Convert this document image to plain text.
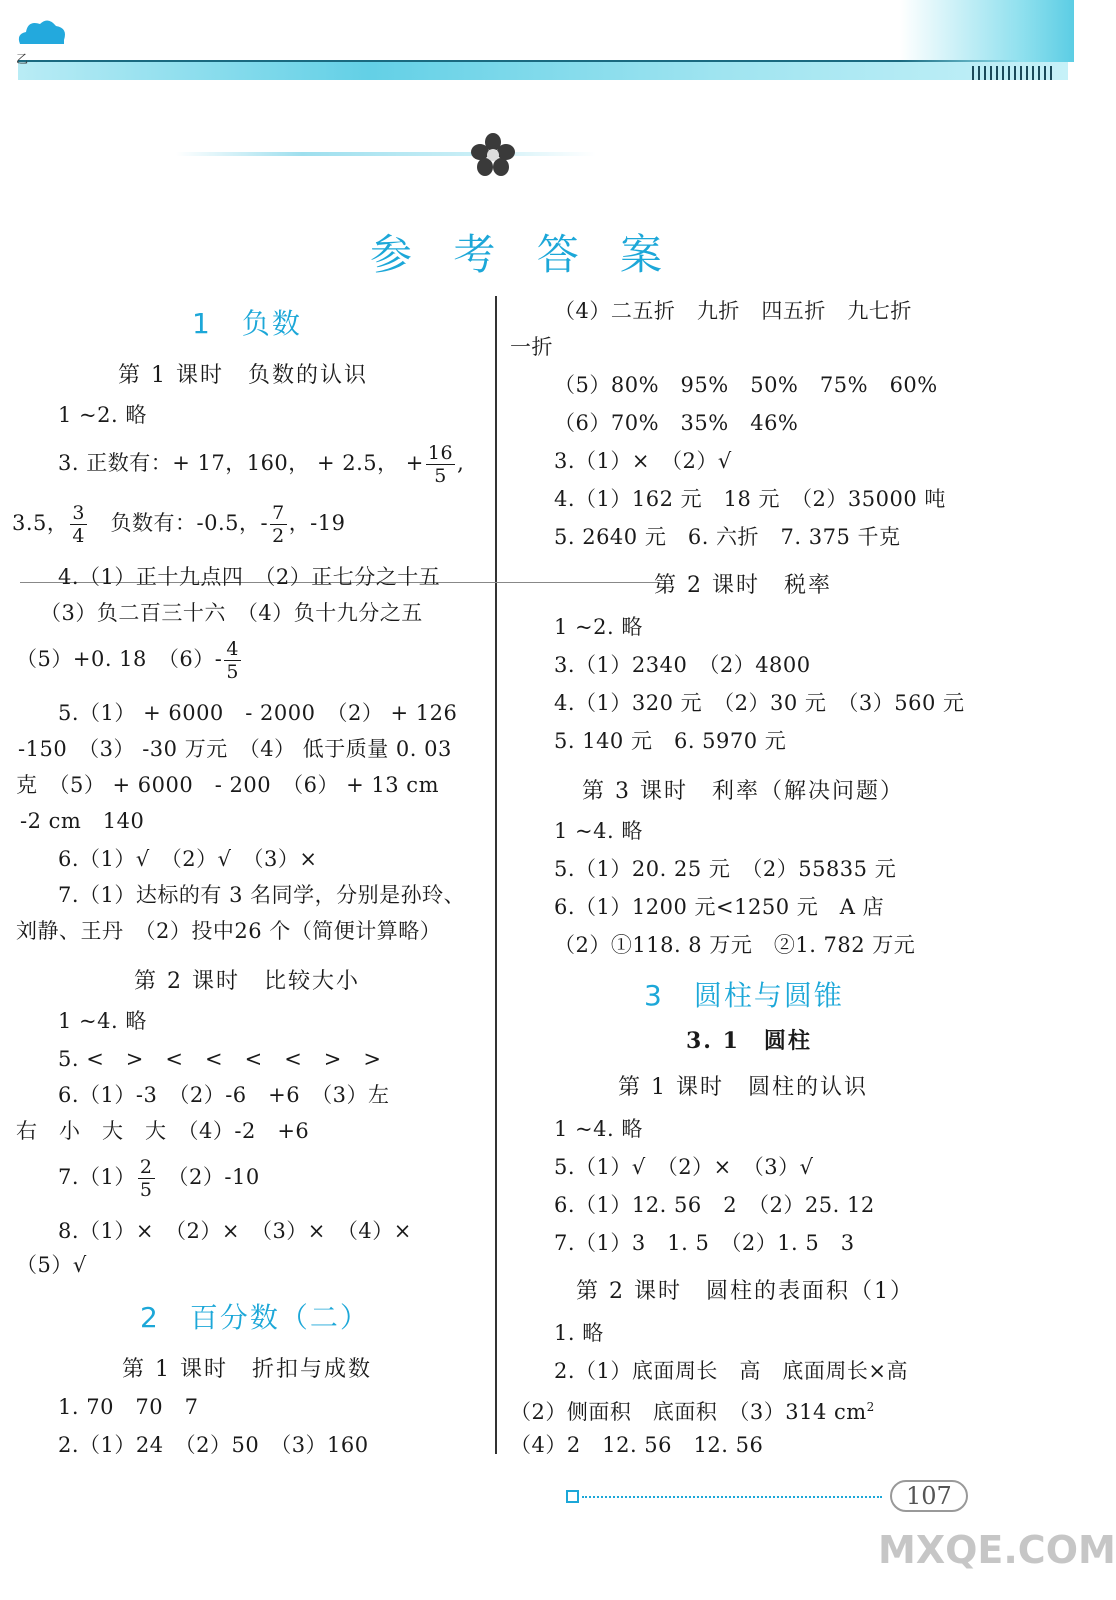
乙
参 考 答 案
1　 负数
第 1 课时　负数的认识
1 ~2. 略
3. 正数有：+ 17，160， + 2.5， + $\frac{16}{5}$ ,
3.5， $\frac{3}{4}$
　 负数有：-0.5，- $\frac{7}{2}$ ，-19
4.（1）正十九点四　（2）正七分之十五
（3）负二百三十六　（4）负十九分之五
（5）+0. 18　$(6)- \frac{4}{5}$
5.（1） + 6000　- 2000　（2） + 126
-150　（3） -30 万元　（4） 低于质量 0. 03
克　（5） + 6000　- 200　（6） + 13 cm
-2 cm　140
6.（1）√　（2）√　（3）×
7.（1）达标的有 3 名同学，分别是孙玲、
刘静、王丹　（2）投中26 个（简便计算略）
第 2 课时　比较大小
1 ~4. 略
5. <　>　<　<　<　<　>　>
6.（1）-3　（2）-6　+6　（3）左
右　小　大　大　（4）-2　+6
$7.(1) \frac{2}{5}$ 　（2）-10
8.（1）×　（2）×　（3）×　（4）×
（5）√
2　 百分数（二）
第 1 课时　折扣与成数
1. 70　70　7
2.（1）24　（2）50　（3）160
（4）二五折　九折　四五折　九七折
一折
（5）80%　95%　50%　75%　60%
（6）70%　35%　46%
3.（1）×　（2）√
4.（1）162 元　18 元　（2）35000 吨
5. 2640 元　6. 六折　7. 375 千克
第 2 课时　税率
1 ~2. 略
3.（1）2340　（2）4800
4.（1）320 元　（2）30 元　（3）560 元
5. 140 元　6. 5970 元
第 3 课时　利率（解决问题）
1 ~4. 略
5.（1）20. 25 元　（2）55835 元
6.（1）1200 元<1250 元　A 店
（2）①118. 8 万元　②1. 782 万元
3　 圆柱与圆锥
3. 1　圆柱
第 1 课时　圆柱的认识
1 ~4. 略
5.（1）√　（2）×　（3）√
6.（1）12. 56　2　（2）25. 12
7.（1）3　1. 5　（2）1. 5　3
第 2 课时　圆柱的表面积（1）
1. 略
2.（1）底面周长　高　底面周长×高
（2）侧面积　底面积　（3）314 $cm^2$
（4）2　12. 56　12. 56
107
MXQE.COM
